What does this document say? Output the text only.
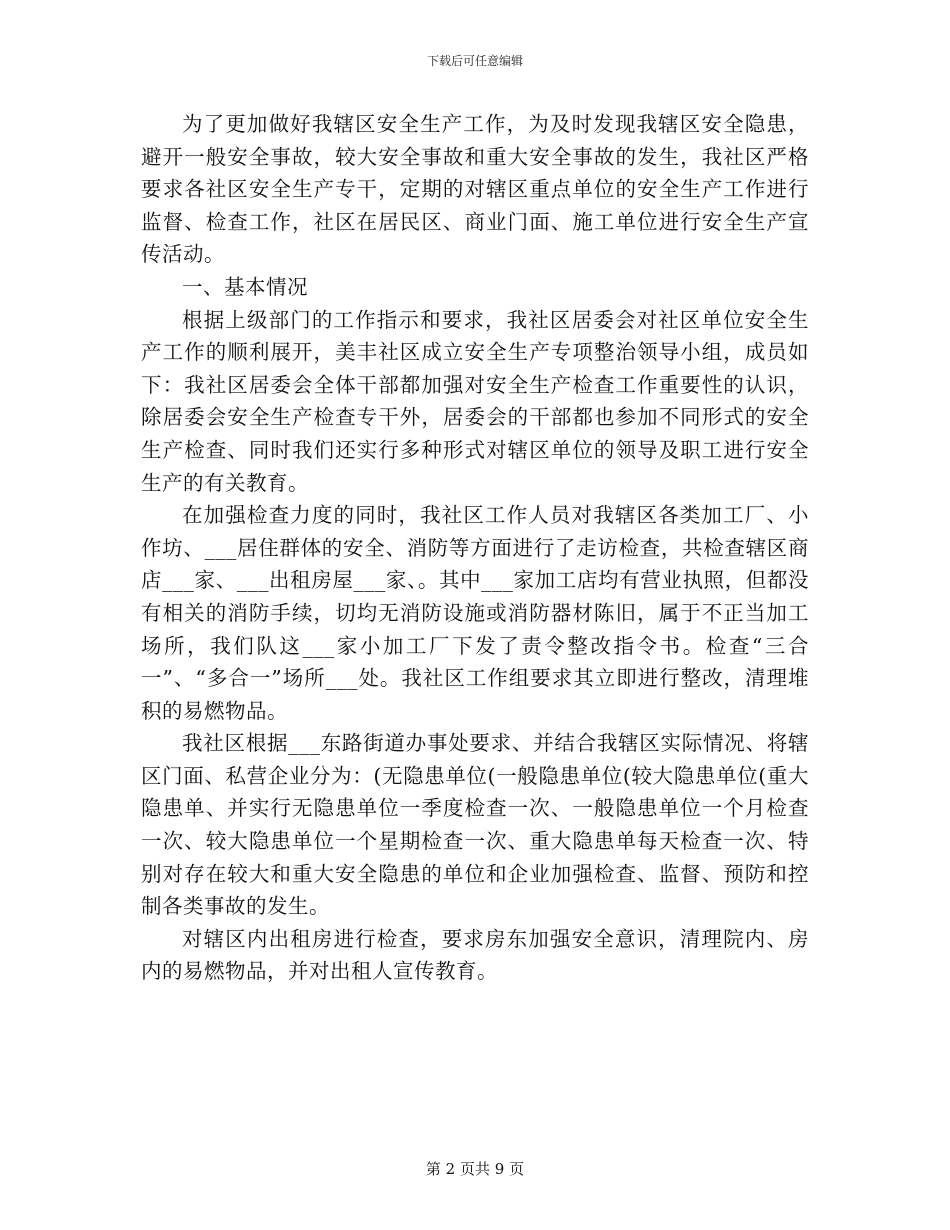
下载后可任意编辑

为了更加做好我辖区安全生产工作，为及时发现我辖区安全隐患，避开一般安全事故，较大安全事故和重大安全事故的发生，我社区严格要求各社区安全生产专干，定期的对辖区重点单位的安全生产工作进行监督、检查工作，社区在居民区、商业门面、施工单位进行安全生产宣传活动。

一、基本情况

根据上级部门的工作指示和要求，我社区居委会对社区单位安全生产工作的顺利展开，美丰社区成立安全生产专项整治领导小组，成员如下：我社区居委会全体干部都加强对安全生产检查工作重要性的认识，除居委会安全生产检查专干外，居委会的干部都也参加不同形式的安全生产检查、同时我们还实行多种形式对辖区单位的领导及职工进行安全生产的有关教育。

在加强检查力度的同时，我社区工作人员对我辖区各类加工厂、小作坊、___居住群体的安全、消防等方面进行了走访检查，共检查辖区商店___家、___出租房屋___家、。其中___家加工店均有营业执照，但都没有相关的消防手续，切均无消防设施或消防器材陈旧，属于不正当加工场所，我们队这___家小加工厂下发了责令整改指令书。检查“三合一”、“多合一”场所___处。我社区工作组要求其立即进行整改，清理堆积的易燃物品。

我社区根据___东路街道办事处要求、并结合我辖区实际情况、将辖区门面、私营企业分为：(无隐患单位(一般隐患单位(较大隐患单位(重大隐患单、并实行无隐患单位一季度检查一次、一般隐患单位一个月检查一次、较大隐患单位一个星期检查一次、重大隐患单每天检查一次、特别对存在较大和重大安全隐患的单位和企业加强检查、监督、预防和控制各类事故的发生。

对辖区内出租房进行检查，要求房东加强安全意识，清理院内、房内的易燃物品，并对出租人宣传教育。

第 2 页共 9 页
